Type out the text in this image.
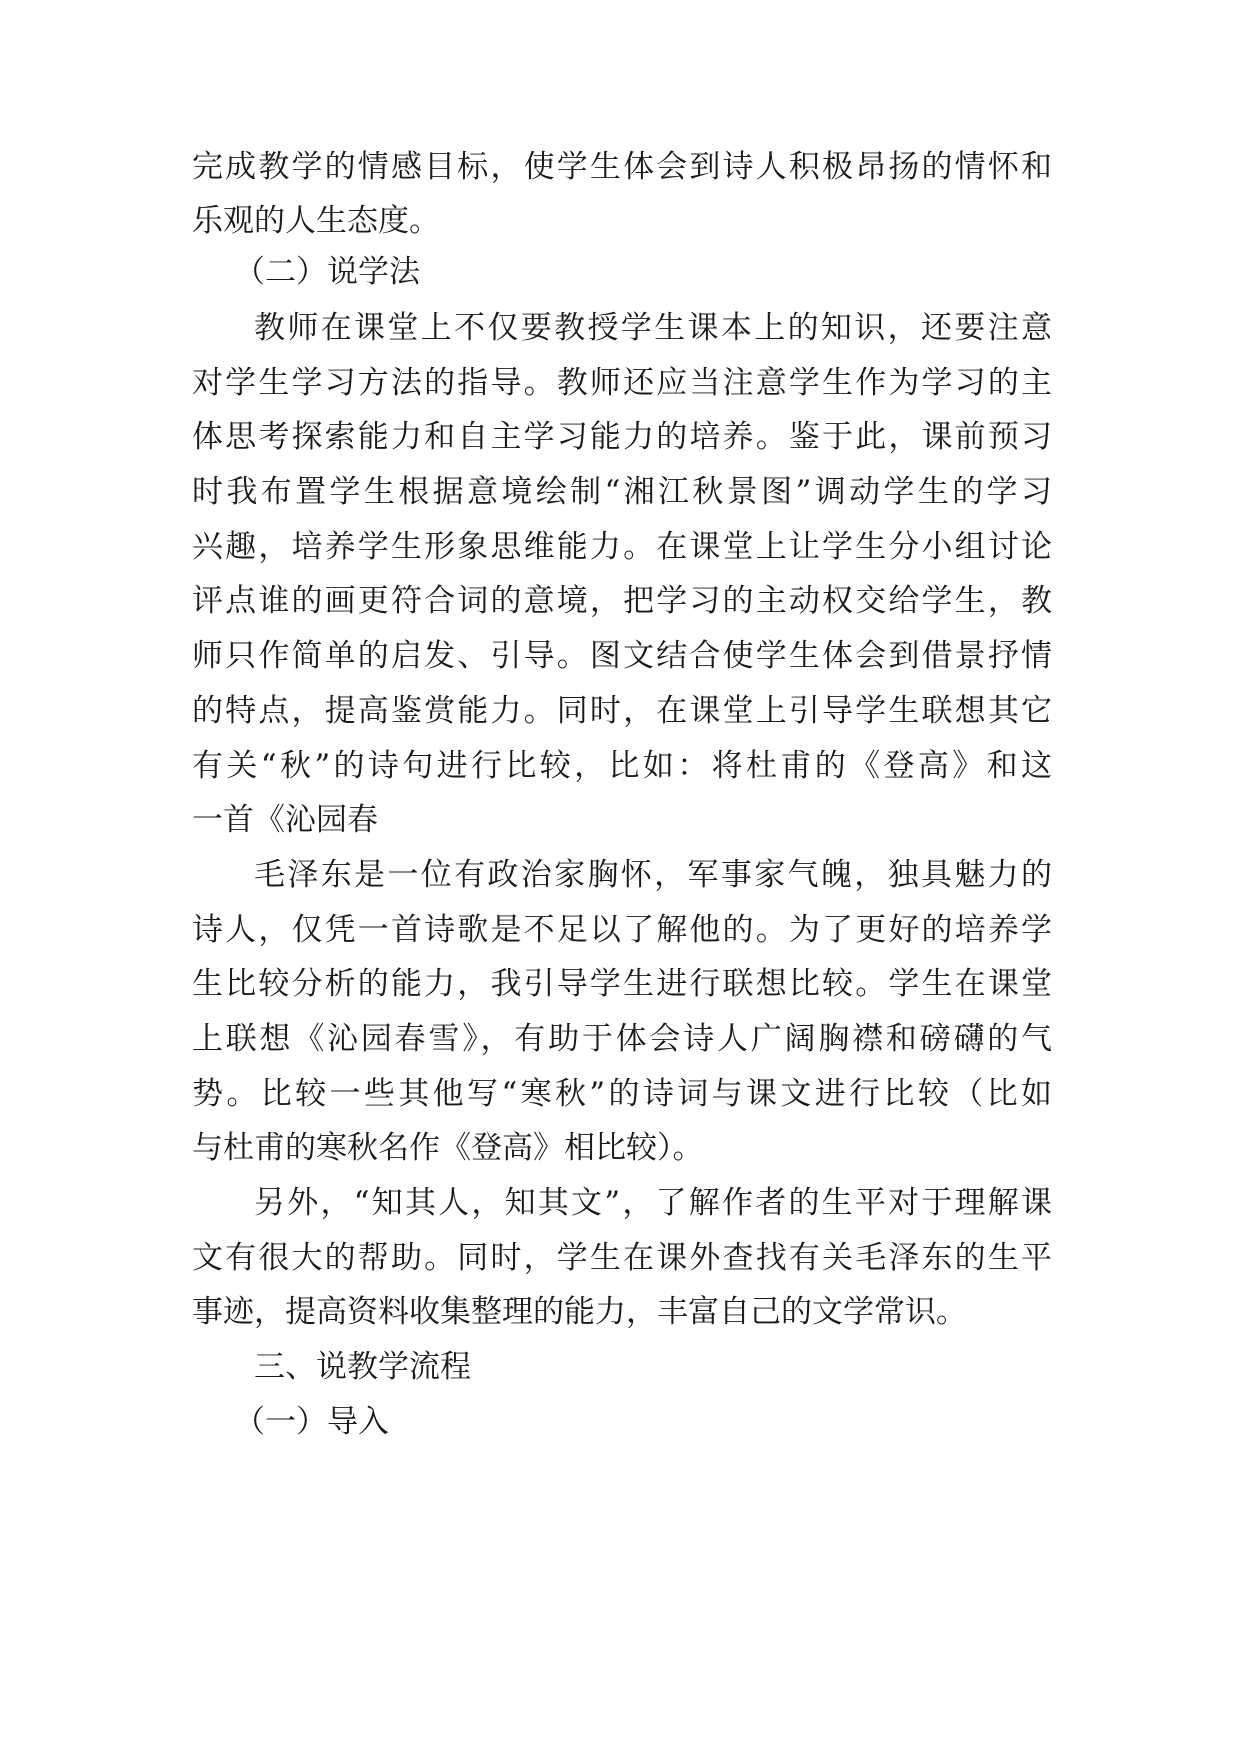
完成教学的情感目标，使学生体会到诗人积极昂扬的情怀和
乐观的人生态度。
（二）说学法
教师在课堂上不仅要教授学生课本上的知识，还要注意
对学生学习方法的指导。教师还应当注意学生作为学习的主
体思考探索能力和自主学习能力的培养。鉴于此，课前预习
时我布置学生根据意境绘制“湘江秋景图”调动学生的学习
兴趣，培养学生形象思维能力。在课堂上让学生分小组讨论
评点谁的画更符合词的意境，把学习的主动权交给学生，教
师只作简单的启发、引导。图文结合使学生体会到借景抒情
的特点，提高鉴赏能力。同时，在课堂上引导学生联想其它
有关“秋”的诗句进行比较，比如：将杜甫的《登高》和这
一首《沁园春
毛泽东是一位有政治家胸怀，军事家气魄，独具魅力的
诗人，仅凭一首诗歌是不足以了解他的。为了更好的培养学
生比较分析的能力，我引导学生进行联想比较。学生在课堂
上联想《沁园春雪》，有助于体会诗人广阔胸襟和磅礴的气
势。比较一些其他写“寒秋”的诗词与课文进行比较（比如
与杜甫的寒秋名作《登高》相比较）。
另外，“知其人，知其文”，了解作者的生平对于理解课
文有很大的帮助。同时，学生在课外查找有关毛泽东的生平
事迹，提高资料收集整理的能力，丰富自己的文学常识。
三、说教学流程
（一）导入
